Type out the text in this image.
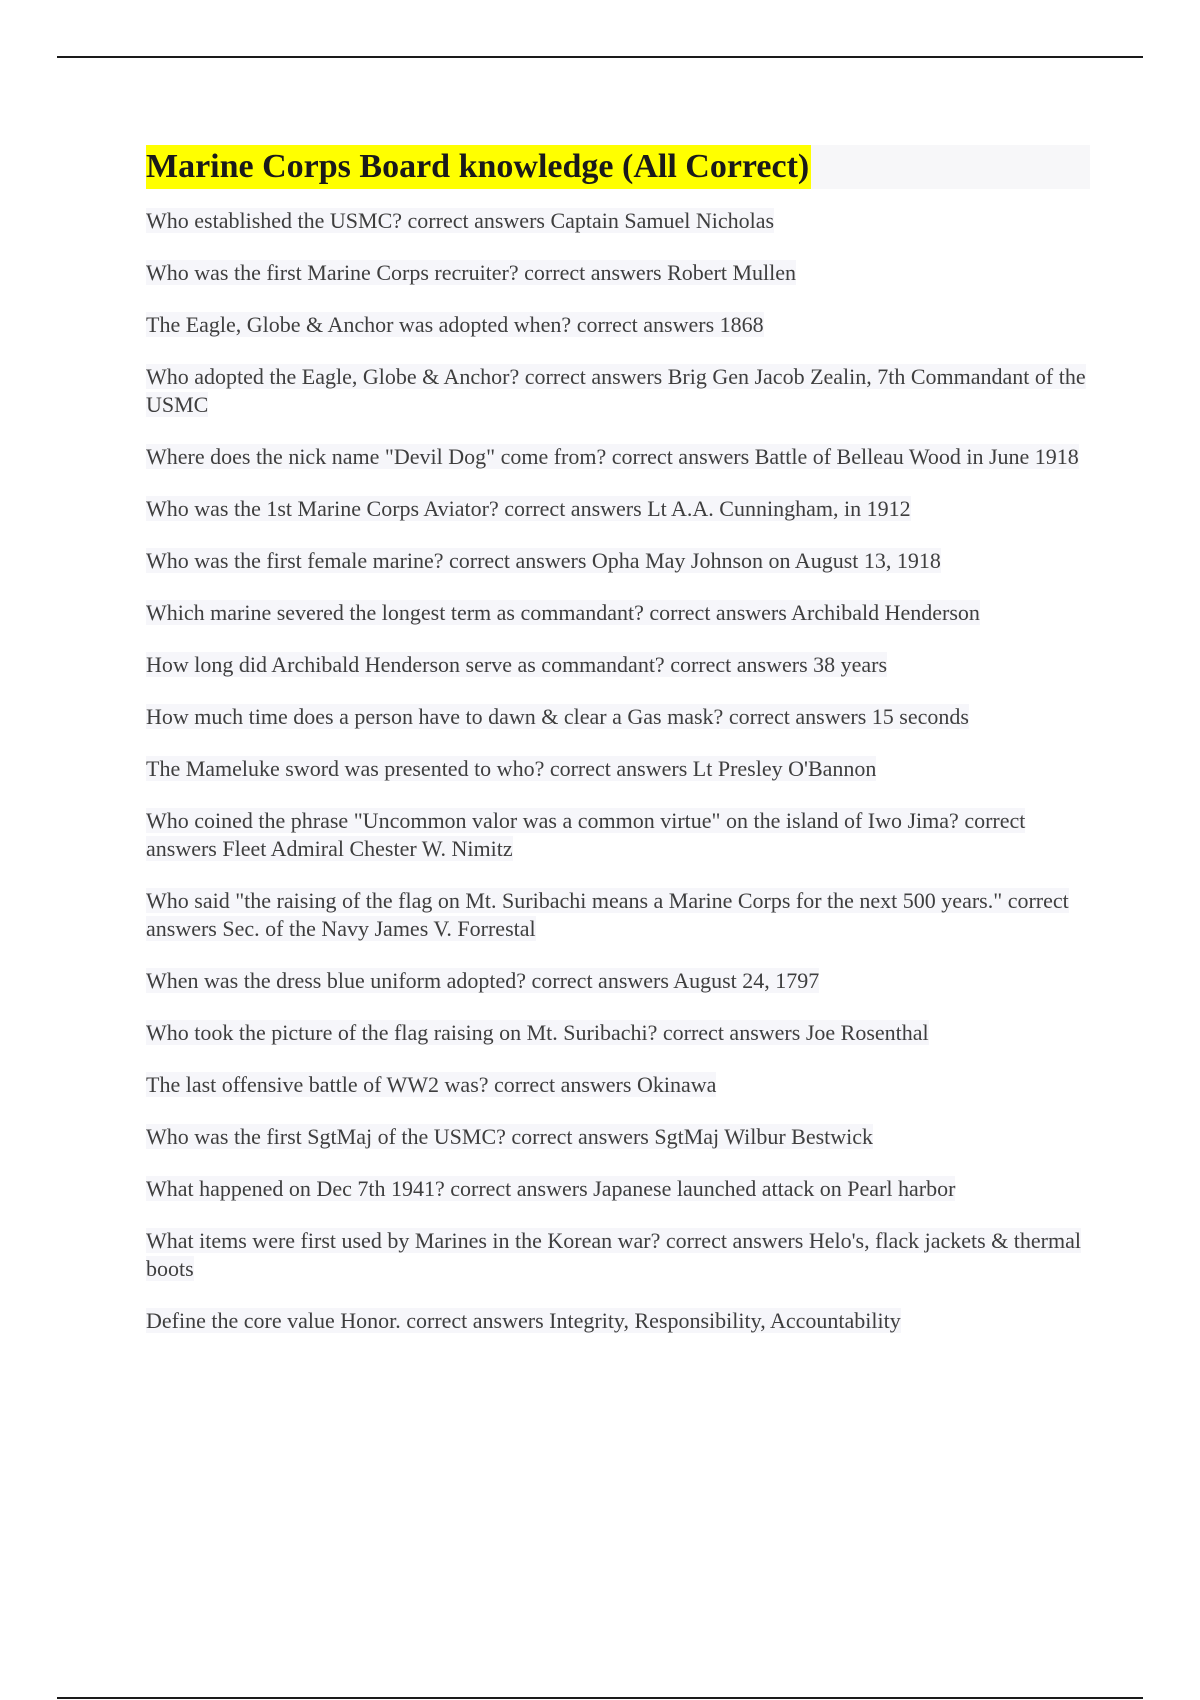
Marine Corps Board knowledge (All Correct)
Who established the USMC? correct answers Captain Samuel Nicholas
Who was the first Marine Corps recruiter? correct answers Robert Mullen
The Eagle, Globe & Anchor was adopted when? correct answers 1868
Who adopted the Eagle, Globe & Anchor? correct answers Brig Gen Jacob Zealin, 7th Commandant of the USMC
Where does the nick name "Devil Dog" come from? correct answers Battle of Belleau Wood in June 1918
Who was the 1st Marine Corps Aviator? correct answers Lt A.A. Cunningham, in 1912
Who was the first female marine? correct answers Opha May Johnson on August 13, 1918
Which marine severed the longest term as commandant? correct answers Archibald Henderson
How long did Archibald Henderson serve as commandant? correct answers 38 years
How much time does a person have to dawn & clear a Gas mask? correct answers 15 seconds
The Mameluke sword was presented to who? correct answers Lt Presley O'Bannon
Who coined the phrase "Uncommon valor was a common virtue" on the island of Iwo Jima? correct answers Fleet Admiral Chester W. Nimitz
Who said "the raising of the flag on Mt. Suribachi means a Marine Corps for the next 500 years." correct answers Sec. of the Navy James V. Forrestal
When was the dress blue uniform adopted? correct answers August 24, 1797
Who took the picture of the flag raising on Mt. Suribachi? correct answers Joe Rosenthal
The last offensive battle of WW2 was? correct answers Okinawa
Who was the first SgtMaj of the USMC? correct answers SgtMaj Wilbur Bestwick
What happened on Dec 7th 1941? correct answers Japanese launched attack on Pearl harbor
What items were first used by Marines in the Korean war? correct answers Helo's, flack jackets & thermal boots
Define the core value Honor. correct answers Integrity, Responsibility, Accountability
